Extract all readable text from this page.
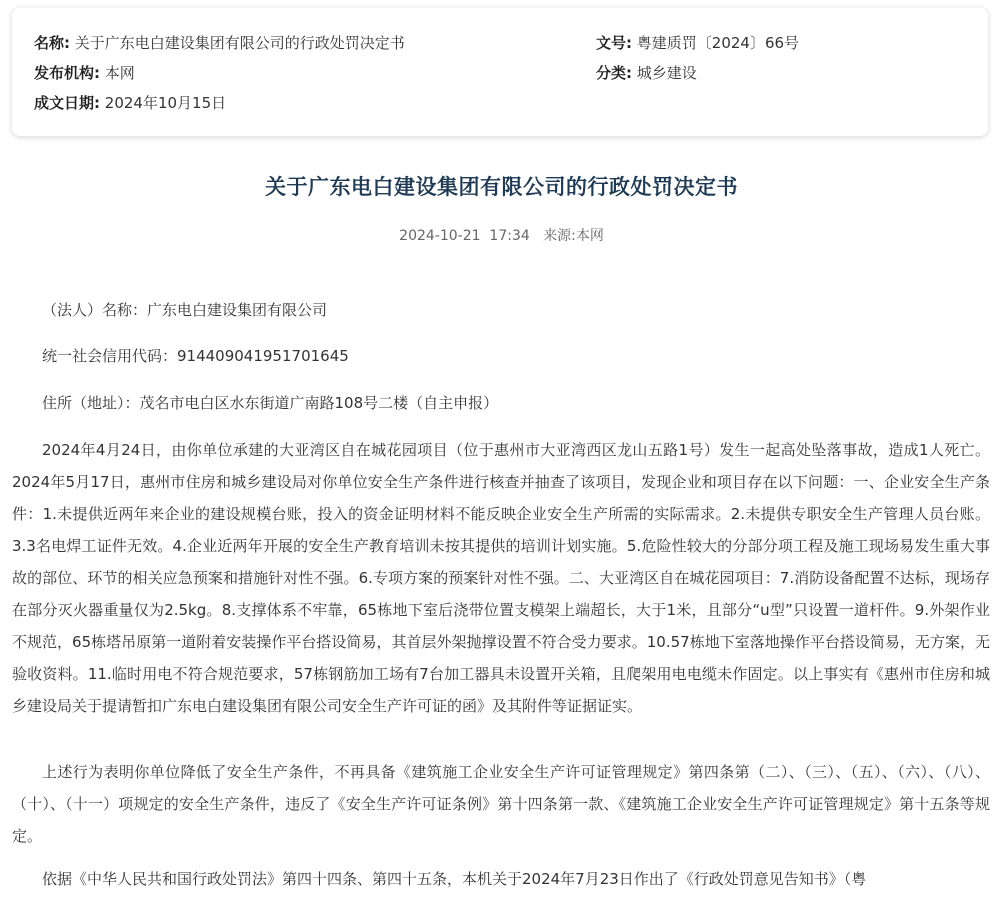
名称: 关于广东电白建设集团有限公司的行政处罚决定书	文号: 粤建质罚〔2024〕66号
发布机构: 本网	分类: 城乡建设
成文日期: 2024年10月15日
关于广东电白建设集团有限公司的行政处罚决定书
2024-10-21  17:34 来源:本网

（法人）名称：广东电白建设集团有限公司

统一社会信用代码：914409041951701645

住所（地址）：茂名市电白区水东街道广南路108号二楼（自主申报）

2024年4月24日，由你单位承建的大亚湾区自在城花园项目（位于惠州市大亚湾西区龙山五路1号）发生一起高处坠落事故，造成1人死亡。2024年5月17日，惠州市住房和城乡建设局对你单位安全生产条件进行核查并抽查了该项目，发现企业和项目存在以下问题：一、企业安全生产条件：1.未提供近两年来企业的建设规模台账，投入的资金证明材料不能反映企业安全生产所需的实际需求。2.未提供专职安全生产管理人员台账。3.3名电焊工证件无效。4.企业近两年开展的安全生产教育培训未按其提供的培训计划实施。5.危险性较大的分部分项工程及施工现场易发生重大事故的部位、环节的相关应急预案和措施针对性不强。6.专项方案的预案针对性不强。二、大亚湾区自在城花园项目：7.消防设备配置不达标，现场存在部分灭火器重量仅为2.5kg。8.支撑体系不牢靠，65栋地下室后浇带位置支模架上端超长，大于1米，且部分“u型”只设置一道杆件。9.外架作业不规范，65栋塔吊原第一道附着安装操作平台搭设简易，其首层外架抛撑设置不符合受力要求。10.57栋地下室落地操作平台搭设简易，无方案，无验收资料。11.临时用电不符合规范要求，57栋钢筋加工场有7台加工器具未设置开关箱，且爬架用电电缆未作固定。以上事实有《惠州市住房和城乡建设局关于提请暂扣广东电白建设集团有限公司安全生产许可证的函》及其附件等证据证实。

上述行为表明你单位降低了安全生产条件，不再具备《建筑施工企业安全生产许可证管理规定》第四条第（二）、（三）、（五）、（六）、（八）、（十）、（十一）项规定的安全生产条件，违反了《安全生产许可证条例》第十四条第一款、《建筑施工企业安全生产许可证管理规定》第十五条等规定。

依据《中华人民共和国行政处罚法》第四十四条、第四十五条，本机关于2024年7月23日作出了《行政处罚意见告知书》（粤
